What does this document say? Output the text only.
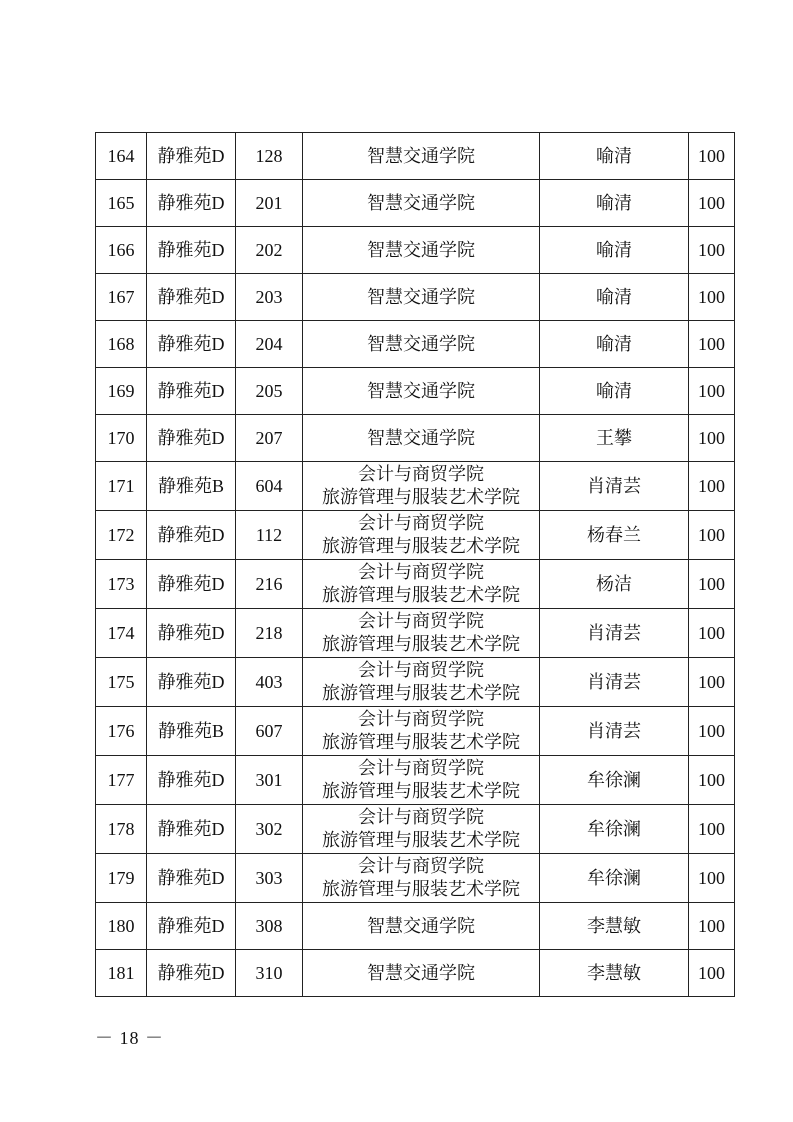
164	静雅苑D	128	智慧交通学院	喻清	100
165	静雅苑D	201	智慧交通学院	喻清	100
166	静雅苑D	202	智慧交通学院	喻清	100
167	静雅苑D	203	智慧交通学院	喻清	100
168	静雅苑D	204	智慧交通学院	喻清	100
169	静雅苑D	205	智慧交通学院	喻清	100
170	静雅苑D	207	智慧交通学院	王攀	100
171	静雅苑B	604	会计与商贸学院
旅游管理与服装艺术学院	肖清芸	100
172	静雅苑D	112	会计与商贸学院
旅游管理与服装艺术学院	杨春兰	100
173	静雅苑D	216	会计与商贸学院
旅游管理与服装艺术学院	杨洁	100
174	静雅苑D	218	会计与商贸学院
旅游管理与服装艺术学院	肖清芸	100
175	静雅苑D	403	会计与商贸学院
旅游管理与服装艺术学院	肖清芸	100
176	静雅苑B	607	会计与商贸学院
旅游管理与服装艺术学院	肖清芸	100
177	静雅苑D	301	会计与商贸学院
旅游管理与服装艺术学院	牟徐澜	100
178	静雅苑D	302	会计与商贸学院
旅游管理与服装艺术学院	牟徐澜	100
179	静雅苑D	303	会计与商贸学院
旅游管理与服装艺术学院	牟徐澜	100
180	静雅苑D	308	智慧交通学院	李慧敏	100
181	静雅苑D	310	智慧交通学院	李慧敏	100
－ 18 －
